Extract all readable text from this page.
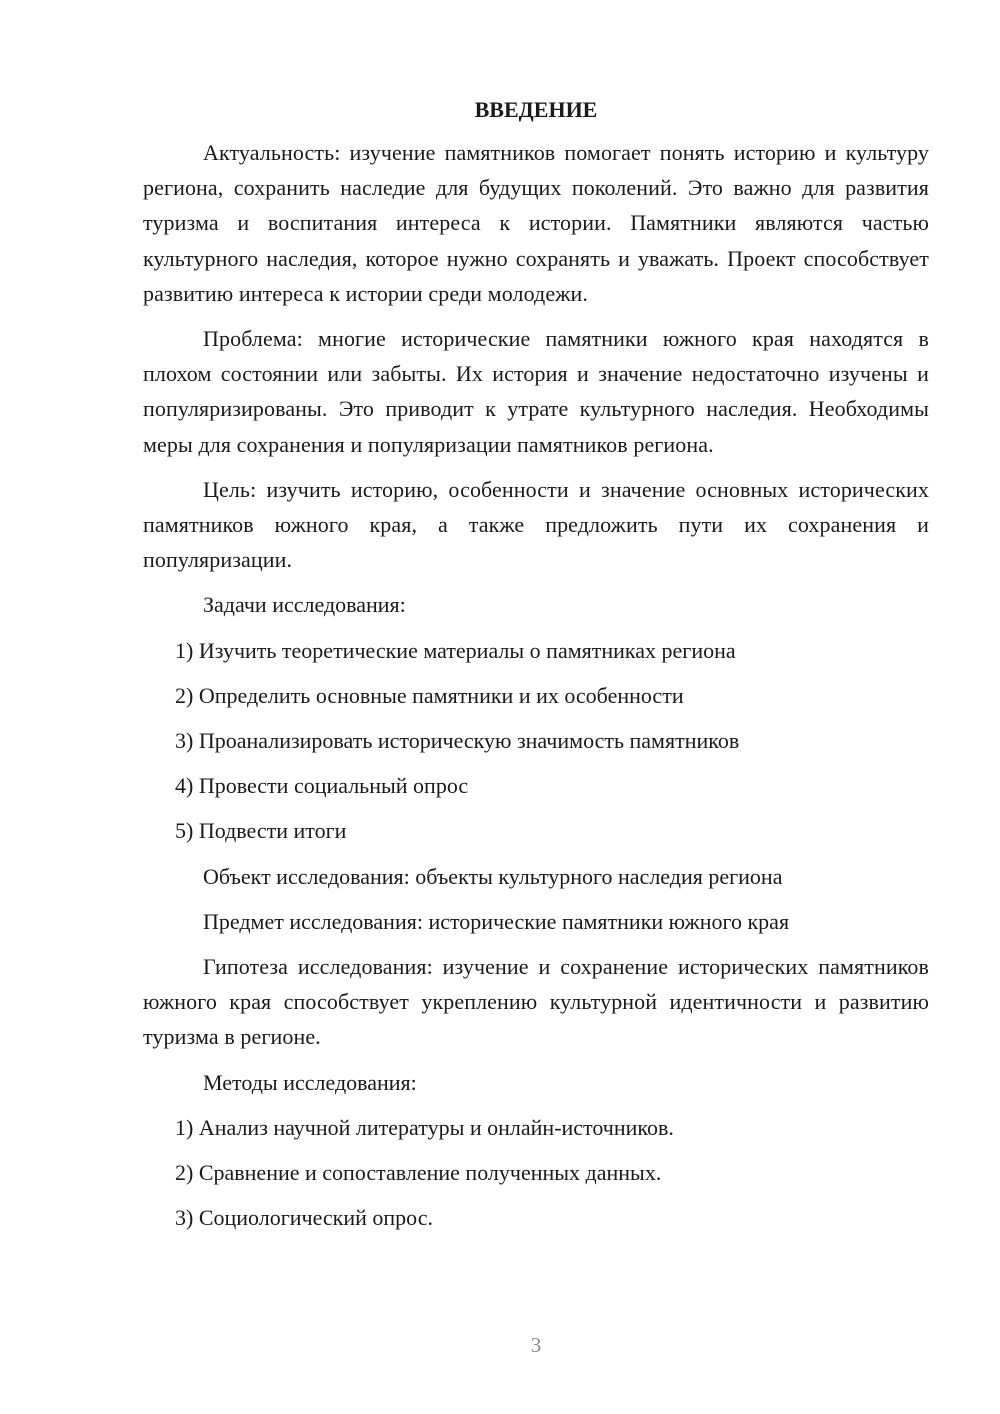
ВВЕДЕНИЕ
Актуальность: изучение памятников помогает понять историю и культуру региона, сохранить наследие для будущих поколений. Это важно для развития туризма и воспитания интереса к истории. Памятники являются частью культурного наследия, которое нужно сохранять и уважать. Проект способствует развитию интереса к истории среди молодежи.
Проблема: многие исторические памятники южного края находятся в плохом состоянии или забыты. Их история и значение недостаточно изучены и популяризированы. Это приводит к утрате культурного наследия. Необходимы меры для сохранения и популяризации памятников региона.
Цель: изучить историю, особенности и значение основных исторических памятников южного края, а также предложить пути их сохранения и популяризации.
Задачи исследования:
1) Изучить теоретические материалы о памятниках региона
2) Определить основные памятники и их особенности
3) Проанализировать историческую значимость памятников
4) Провести социальный опрос
5) Подвести итоги
Объект исследования: объекты культурного наследия региона
Предмет исследования: исторические памятники южного края
Гипотеза исследования: изучение и сохранение исторических памятников южного края способствует укреплению культурной идентичности и развитию туризма в регионе.
Методы исследования:
1) Анализ научной литературы и онлайн-источников.
2) Сравнение и сопоставление полученных данных.
3) Социологический опрос.
3
